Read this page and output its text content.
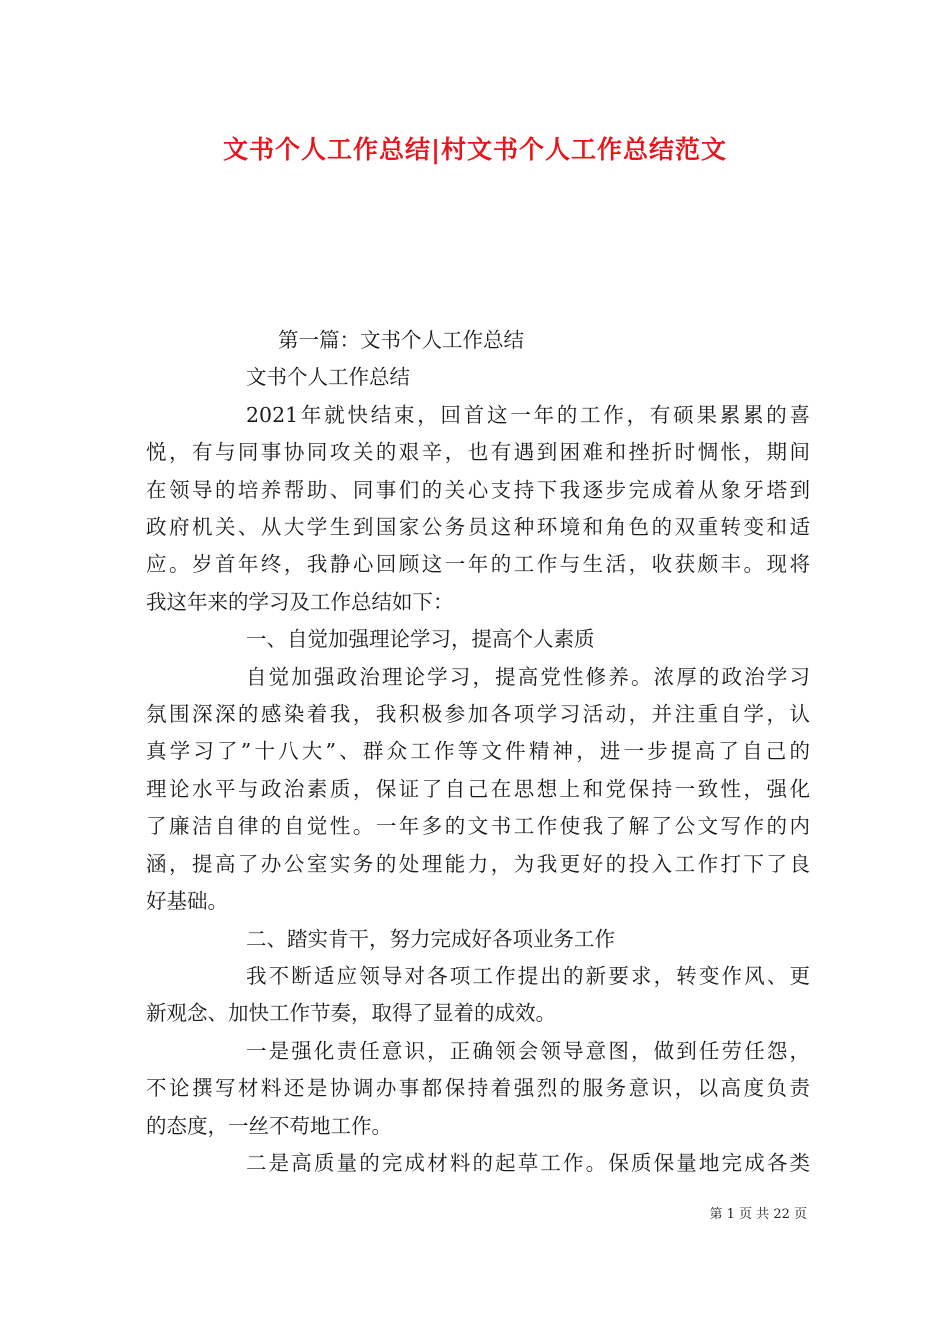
文书个人工作总结|村文书个人工作总结范文
第一篇：文书个人工作总结
文书个人工作总结
2021年就快结束，回首这一年的工作，有硕果累累的喜
悦，有与同事协同攻关的艰辛，也有遇到困难和挫折时惆怅，期间
在领导的培养帮助、同事们的关心支持下我逐步完成着从象牙塔到
政府机关、从大学生到国家公务员这种环境和角色的双重转变和适
应。岁首年终，我静心回顾这一年的工作与生活，收获颇丰。现将
我这年来的学习及工作总结如下：
一、自觉加强理论学习，提高个人素质
自觉加强政治理论学习，提高党性修养。浓厚的政治学习
氛围深深的感染着我，我积极参加各项学习活动，并注重自学，认
真学习了”十八大”、群众工作等文件精神，进一步提高了自己的
理论水平与政治素质，保证了自己在思想上和党保持一致性，强化
了廉洁自律的自觉性。一年多的文书工作使我了解了公文写作的内
涵，提高了办公室实务的处理能力，为我更好的投入工作打下了良
好基础。
二、踏实肯干，努力完成好各项业务工作
我不断适应领导对各项工作提出的新要求，转变作风、更
新观念、加快工作节奏，取得了显着的成效。
一是强化责任意识，正确领会领导意图，做到任劳任怨，
不论撰写材料还是协调办事都保持着强烈的服务意识，以高度负责
的态度，一丝不苟地工作。
二是高质量的完成材料的起草工作。保质保量地完成各类
第 1 页 共 22 页
